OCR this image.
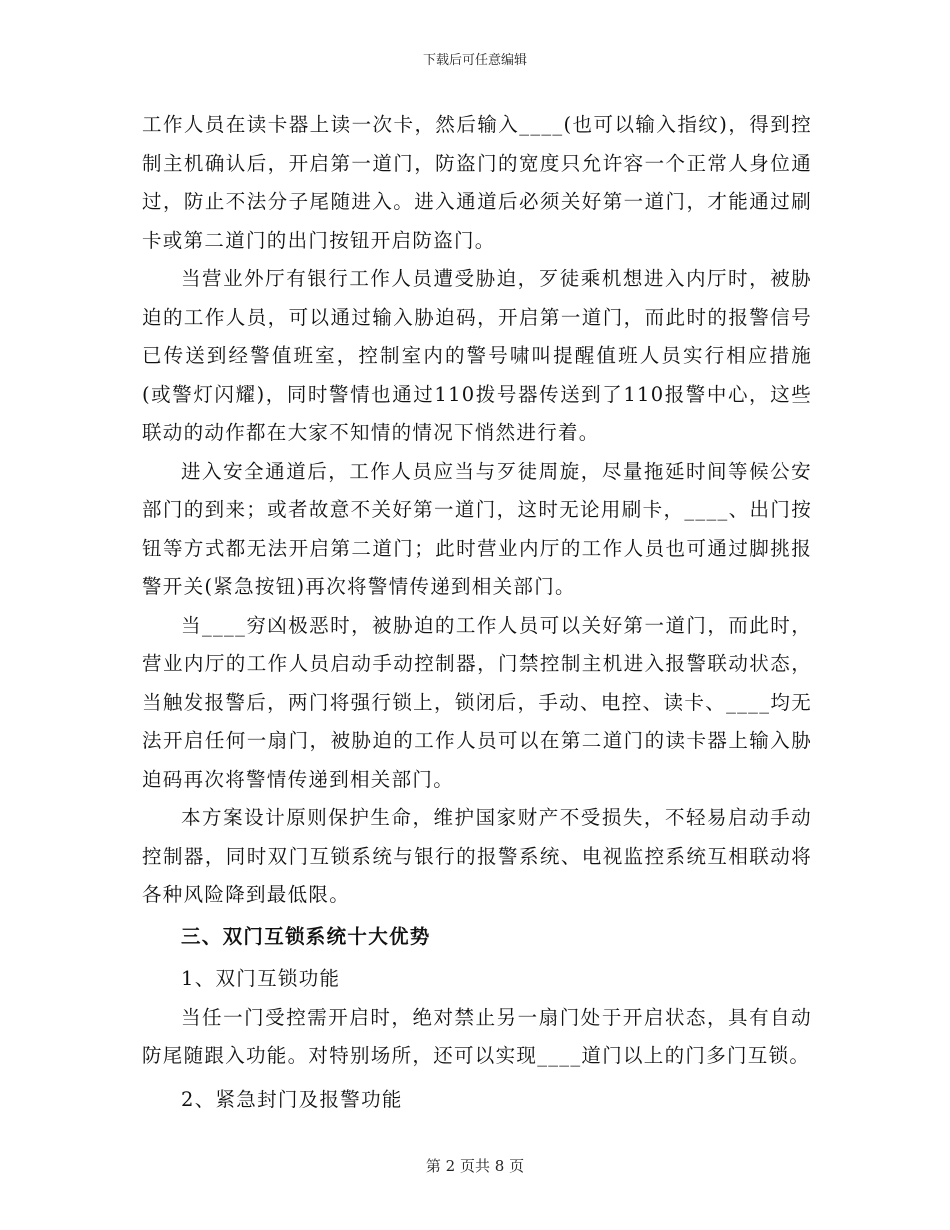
下载后可任意编辑

工作人员在读卡器上读一次卡，然后输入____(也可以输入指纹)，得到控制主机确认后，开启第一道门，防盗门的宽度只允许容一个正常人身位通过，防止不法分子尾随进入。进入通道后必须关好第一道门，才能通过刷卡或第二道门的出门按钮开启防盗门。

当营业外厅有银行工作人员遭受胁迫，歹徒乘机想进入内厅时，被胁迫的工作人员，可以通过输入胁迫码，开启第一道门，而此时的报警信号已传送到经警值班室，控制室内的警号啸叫提醒值班人员实行相应措施(或警灯闪耀)，同时警情也通过110拨号器传送到了110报警中心，这些联动的动作都在大家不知情的情况下悄然进行着。

进入安全通道后，工作人员应当与歹徒周旋，尽量拖延时间等候公安部门的到来；或者故意不关好第一道门，这时无论用刷卡，____、出门按钮等方式都无法开启第二道门；此时营业内厅的工作人员也可通过脚挑报警开关(紧急按钮)再次将警情传递到相关部门。

当____穷凶极恶时，被胁迫的工作人员可以关好第一道门，而此时，营业内厅的工作人员启动手动控制器，门禁控制主机进入报警联动状态，当触发报警后，两门将强行锁上，锁闭后，手动、电控、读卡、____均无法开启任何一扇门，被胁迫的工作人员可以在第二道门的读卡器上输入胁迫码再次将警情传递到相关部门。

本方案设计原则保护生命，维护国家财产不受损失，不轻易启动手动控制器，同时双门互锁系统与银行的报警系统、电视监控系统互相联动将各种风险降到最低限。

三、双门互锁系统十大优势

1、双门互锁功能

当任一门受控需开启时，绝对禁止另一扇门处于开启状态，具有自动防尾随跟入功能。对特别场所，还可以实现____道门以上的门多门互锁。

2、紧急封门及报警功能

第 2 页共 8 页
